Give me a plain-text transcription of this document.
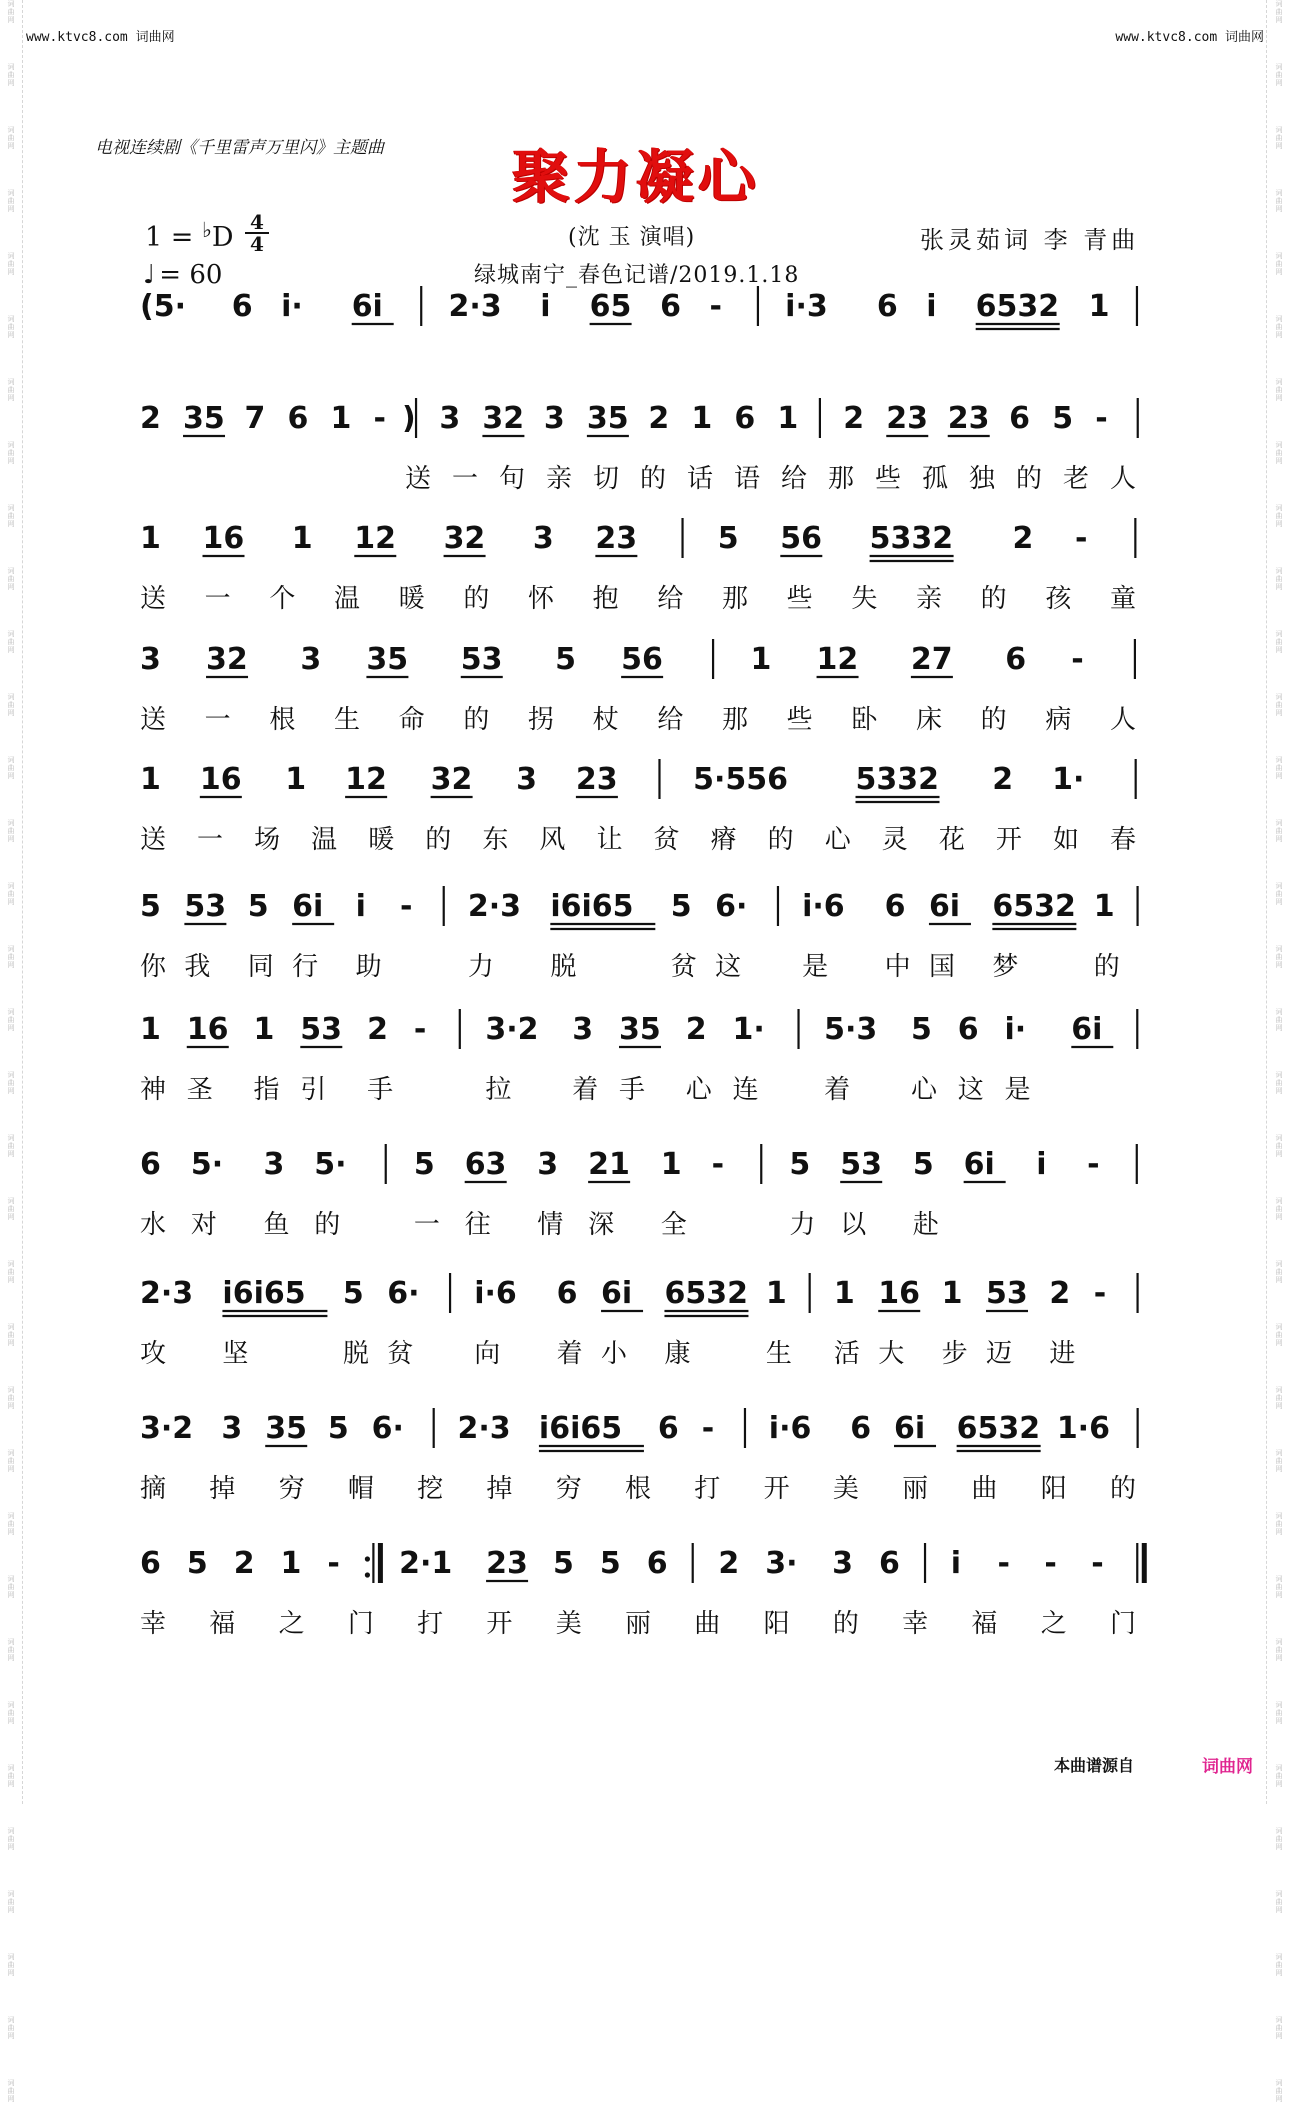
词
曲
网
词
曲
网
词
曲
网
词
曲
网
词
曲
网
词
曲
网
词
曲
网
词
曲
网
词
曲
网
词
曲
网
词
曲
网
词
曲
网
词
曲
网
词
曲
网
词
曲
网
词
曲
网
词
曲
网
词
曲
网
词
曲
网
词
曲
网
词
曲
网
词
曲
网
词
曲
网
词
曲
网
词
曲
网
词
曲
网
词
曲
网
词
曲
网
词
曲
网
词
曲
网
词
曲
网
词
曲
网
词
曲
网
词
曲
网
词
曲
网
词
曲
网
词
曲
网
词
曲
网
词
曲
网
词
曲
网
词
曲
网
词
曲
网
词
曲
网
词
曲
网
词
曲
网
词
曲
网
词
曲
网
词
曲
网
词
曲
网
词
曲
网
词
曲
网
词
曲
网
词
曲
网
词
曲
网
词
曲
网
词
曲
网
词
曲
网
词
曲
网
词
曲
网
词
曲
网
词
曲
网
词
曲
网
词
曲
网
词
曲
网
词
曲
网
词
曲
网
词
曲
网
词
曲
网
www.ktvc8.com 词曲网	www.ktvc8.com 词曲网
电视连续剧《千里雷声万里闪》主题曲 聚力凝心
1 = ♭D 4
4
♩ = 60
(沈 玉 演唱)	张灵茹词 李 青曲
绿城南宁_春色记谱/2019.1.18
(5· 6 i· 6i 2·3 i 65 6 - i·3 6 i 6532 1
2 35 7 6 1 - ) 3 32 3 35 2 1 6 1 2 23 23 6 5 -
送 一 句 亲 切 的 话 语 给 那 些 孤 独 的 老 人
1 16 1 12 32 3 23	5 56 5332 2 -
送 一 个 温 暖 的 怀 抱 给 那 些 失 亲 的 孩 童
3 32 3 35 53 5 56	1 12 27 6 -
送 一 根 生 命 的 拐 杖 给 那 些 卧 床 的 病 人
1 16 1 12 32 3 23	5·556 5332 2 1·
送 一 场 温 暖 的 东 风 让 贫 瘠 的 心 灵 花 开 如 春
5 53 5 6i i - 2·3 i6i65 5 6· i·6 6 6i 6532 1
你 我 同 行 助	力 脱	贫 这 是 中 国 梦	的
1 16 1 53 2 - 3·2 3 35 2 1· 5·3 5 6 i· 6i
神 圣 指 引 手	拉 着 手 心 连	着 心 这 是
6 5· 3 5· 5 63 3 21 1 - 5 53 5 6i i -
水 对 鱼 的	一 往 情 深 全	力 以 赴
2·3 i6i65 5 6· i·6 6 6i 6532 1 1 16 1 53 2 -
攻 坚	脱 贫 向 着 小 康	生 活 大 步 迈 进
3·2 3 35 5 6· 2·3 i6i65 6 - i·6 6 6i 6532 1·6
摘 掉 穷 帽 挖 掉 穷 根 打 开 美 丽 曲 阳 的
6 5 2 1 - 2·1 23 5 5 6 2 3· 3 6 i - - -
幸 福 之 门 打 开 美 丽 曲 阳 的 幸 福 之 门
本曲谱源自	词曲网
